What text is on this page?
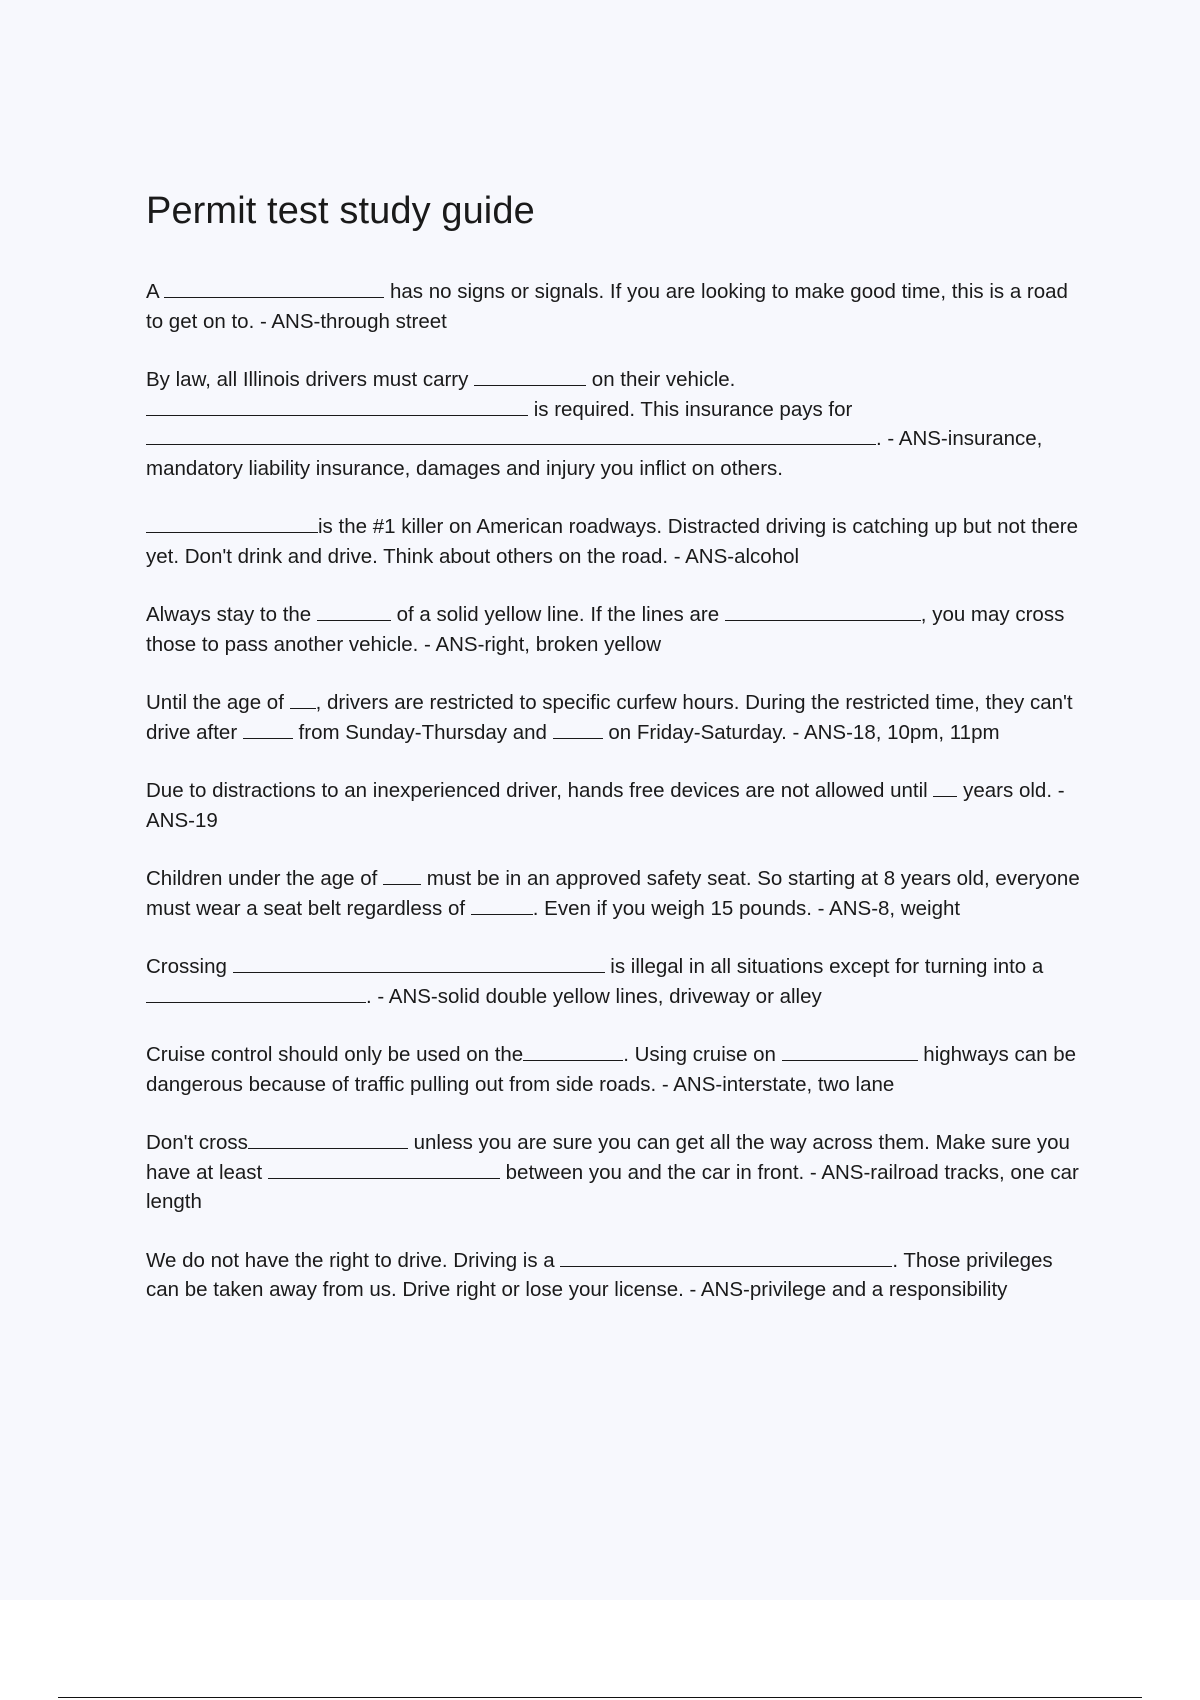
Permit test study guide

A	has no signs or signals. If you are looking to make good time, this is a road to get on to. - ANS-through street

By law, all Illinois drivers must carry	on their vehicle.  is required. This insurance pays for . - ANS-insurance, mandatory liability insurance, damages and injury you inflict on others.

is the #1 killer on American roadways. Distracted driving is catching up but not there yet. Don't drink and drive. Think about others on the road. - ANS-alcohol

Always stay to the	of a solid yellow line. If the lines are	, you may cross those to pass another vehicle. - ANS-right, broken yellow

Until the age of , drivers are restricted to specific curfew hours. During the restricted time, they can't drive after  from Sunday-Thursday and  on Friday-Saturday. - ANS-18, 10pm, 11pm

Due to distractions to an inexperienced driver, hands free devices are not allowed until  years old. - ANS-19

Children under the age of  must be in an approved safety seat. So starting at 8 years old, everyone must wear a seat belt regardless of	. Even if you weigh 15 pounds. - ANS-8, weight

Crossing	is illegal in all situations except for turning into a . - ANS-solid double yellow lines, driveway or alley

Cruise control should only be used on the	. Using cruise on	highways can be dangerous because of traffic pulling out from side roads. - ANS-interstate, two lane

Don't cross	unless you are sure you can get all the way across them. Make sure you have at least	between you and the car in front. - ANS-railroad tracks, one car length

We do not have the right to drive. Driving is a	. Those privileges can be taken away from us. Drive right or lose your license. - ANS-privilege and a responsibility
